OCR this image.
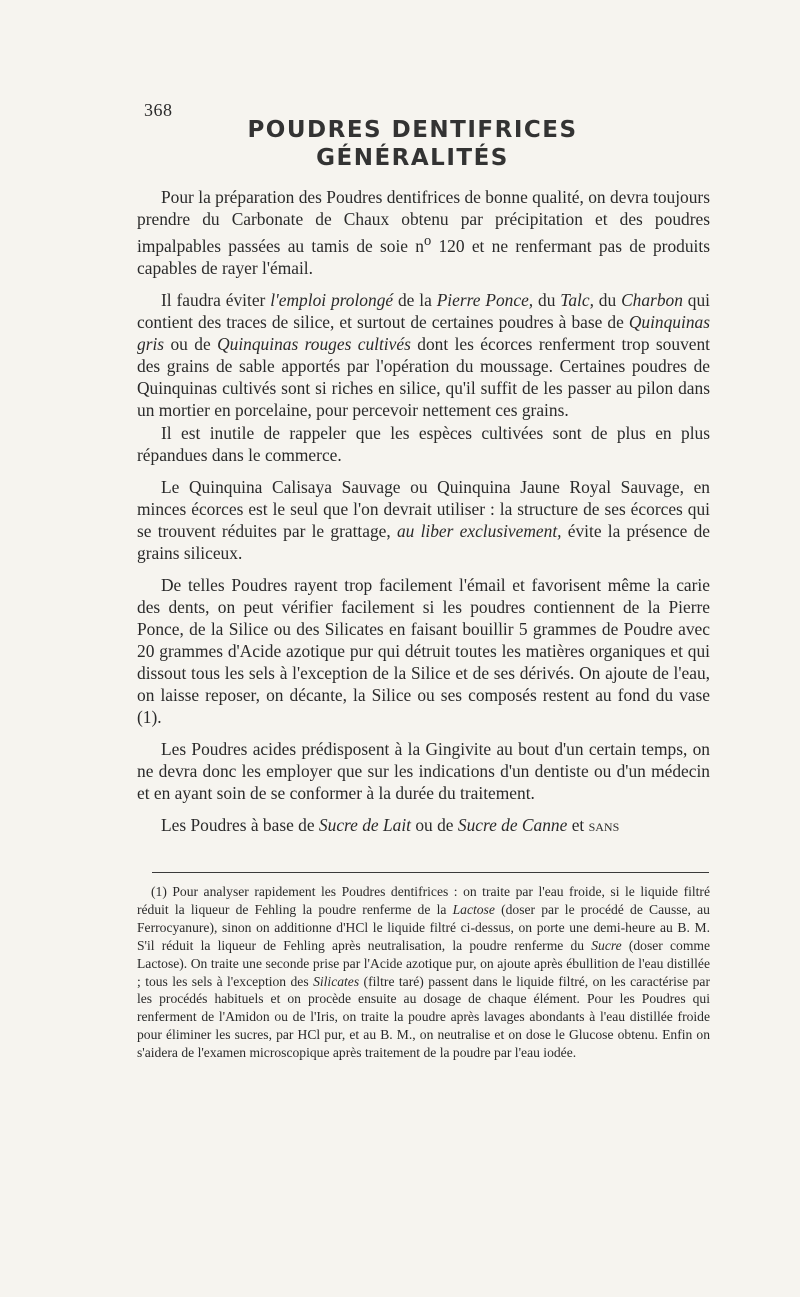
368
POUDRES DENTIFRICES
GÉNÉRALITÉS

Pour la préparation des Poudres dentifrices de bonne qualité, on devra toujours prendre du Carbonate de Chaux obtenu par précipitation et des poudres impalpables passées au tamis de soie $n^o$ 120 et ne renfermant pas de produits capables de rayer l'émail.

Il faudra éviter l'emploi prolongé de la Pierre Ponce, du Talc, du Charbon qui contient des traces de silice, et surtout de certaines poudres à base de Quinquinas gris ou de Quinquinas rouges cultivés dont les écorces renferment trop souvent des grains de sable apportés par l'opération du moussage. Certaines poudres de Quinquinas cultivés sont si riches en silice, qu'il suffit de les passer au pilon dans un mortier en porcelaine, pour percevoir nettement ces grains.

Il est inutile de rappeler que les espèces cultivées sont de plus en plus répandues dans le commerce.

Le Quinquina Calisaya Sauvage ou Quinquina Jaune Royal Sauvage, en minces écorces est le seul que l'on devrait utiliser : la structure de ses écorces qui se trouvent réduites par le grattage, au liber exclusivement, évite la présence de grains siliceux.

De telles Poudres rayent trop facilement l'émail et favorisent même la carie des dents, on peut vérifier facilement si les poudres contiennent de la Pierre Ponce, de la Silice ou des Silicates en faisant bouillir 5 grammes de Poudre avec 20 grammes d'Acide azotique pur qui détruit toutes les matières organiques et qui dissout tous les sels à l'exception de la Silice et de ses dérivés. On ajoute de l'eau, on laisse reposer, on décante, la Silice ou ses composés restent au fond du vase (1).

Les Poudres acides prédisposent à la Gingivite au bout d'un certain temps, on ne devra donc les employer que sur les indications d'un dentiste ou d'un médecin et en ayant soin de se conformer à la durée du traitement.

Les Poudres à base de Sucre de Lait ou de Sucre de Canne et sans

(1) Pour analyser rapidement les Poudres dentifrices : on traite par l'eau froide, si le liquide filtré réduit la liqueur de Fehling la poudre renferme de la Lactose (doser par le procédé de Causse, au Ferrocyanure), sinon on additionne d'HCl le liquide filtré ci-dessus, on porte une demi-heure au B. M. S'il réduit la liqueur de Fehling après neutralisation, la poudre renferme du Sucre (doser comme Lactose). On traite une seconde prise par l'Acide azotique pur, on ajoute après ébullition de l'eau distillée ; tous les sels à l'exception des Silicates (filtre taré) passent dans le liquide filtré, on les caractérise par les procédés habituels et on procède ensuite au dosage de chaque élément. Pour les Poudres qui renferment de l'Amidon ou de l'Iris, on traite la poudre après lavages abondants à l'eau distillée froide pour éliminer les sucres, par HCl pur, et au B. M., on neutralise et on dose le Glucose obtenu. Enfin on s'aidera de l'examen microscopique après traitement de la poudre par l'eau iodée.
